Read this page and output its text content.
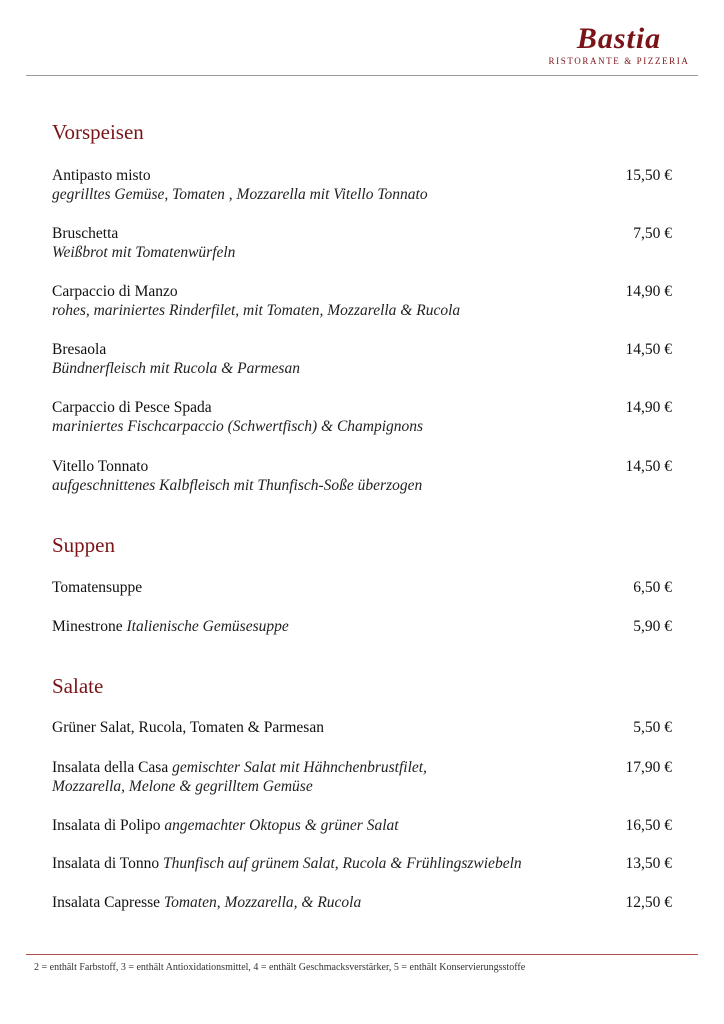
Bastia
RISTORANTE & PIZZERIA
Vorspeisen
Antipasto misto
gegrilltes Gemüse, Tomaten , Mozzarella mit Vitello Tonnato
15,50 €
Bruschetta
Weißbrot mit Tomatenwürfeln
7,50 €
Carpaccio di Manzo
rohes, mariniertes Rinderfilet, mit Tomaten, Mozzarella & Rucola
14,90 €
Bresaola
Bündnerfleisch mit Rucola & Parmesan
14,50 €
Carpaccio di Pesce Spada
mariniertes Fischcarpaccio (Schwertfisch) & Champignons
14,90 €
Vitello Tonnato
aufgeschnittenes Kalbfleisch mit Thunfisch-Soße überzogen
14,50 €
Suppen
Tomatensuppe	6,50 €
Minestrone Italienische Gemüsesuppe	5,90 €
Salate
Grüner Salat, Rucola, Tomaten & Parmesan	5,50 €
Insalata della Casa gemischter Salat mit Hähnchenbrustfilet,
Mozzarella, Melone & gegrilltem Gemüse
17,90 €
Insalata di Polipo angemachter Oktopus & grüner Salat	16,50 €
Insalata di Tonno Thunfisch auf grünem Salat, Rucola & Frühlingszwiebeln	13,50 €
Insalata Capresse Tomaten, Mozzarella, & Rucola	12,50 €
2 = enthält Farbstoff, 3 = enthält Antioxidationsmittel, 4 = enthält Geschmacksverstärker, 5 = enthält Konservierungsstoffe
